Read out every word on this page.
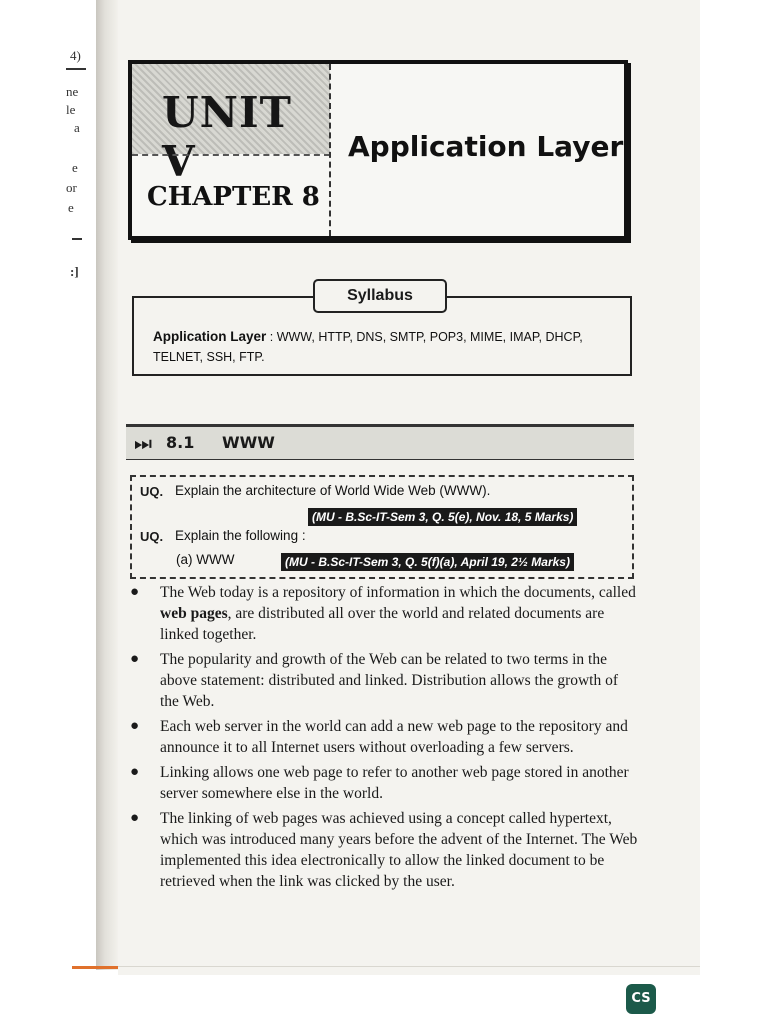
4)
ne
le
a
e
or
e
:]
UNIT V
CHAPTER 8
Application Layer
Syllabus
Application Layer : WWW, HTTP, DNS, SMTP, POP3, MIME, IMAP, DHCP, TELNET, SSH, FTP.
⏭ 8.1 WWW
UQ. Explain the architecture of World Wide Web (WWW).
(MU - B.Sc-IT-Sem 3, Q. 5(e), Nov. 18, 5 Marks)
UQ. Explain the following :
(a) WWW	(MU - B.Sc-IT-Sem 3, Q. 5(f)(a), April 19, 2½ Marks)
● The Web today is a repository of information in which the documents, called web pages, are distributed all over the world and related documents are linked together.
● The popularity and growth of the Web can be related to two terms in the above statement: distributed and linked. Distribution allows the growth of the Web.
● Each web server in the world can add a new web page to the repository and announce it to all Internet users without overloading a few servers.
● Linking allows one web page to refer to another web page stored in another server somewhere else in the world.
● The linking of web pages was achieved using a concept called hypertext, which was introduced many years before the advent of the Internet. The Web implemented this idea electronically to allow the linked document to be retrieved when the link was clicked by the user.
CS
